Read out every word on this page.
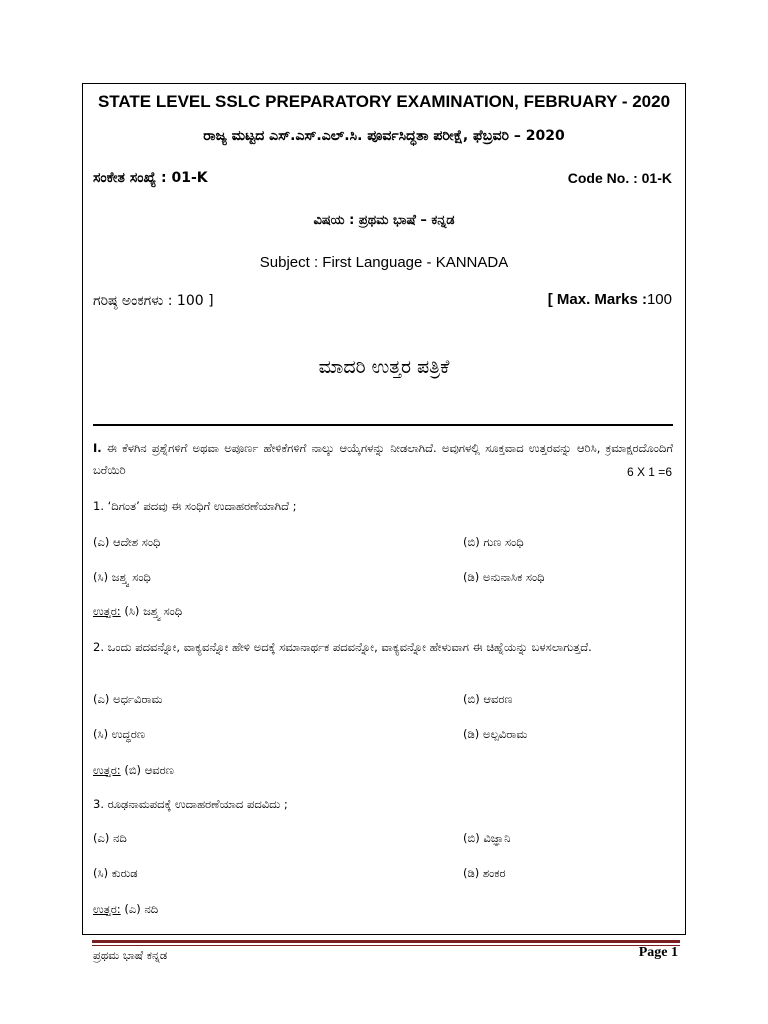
STATE LEVEL SSLC PREPARATORY EXAMINATION, FEBRUARY - 2020
ರಾಜ್ಯ ಮಟ್ಟದ ಎಸ್.ಎಸ್.ಎಲ್.ಸಿ. ಪೂರ್ವಸಿದ್ಧತಾ ಪರೀಕ್ಷೆ, ಫೆಬ್ರವರಿ – 2020
ಸಂಕೇತ ಸಂಖ್ಯೆ : 01-K	Code No. : 01-K
ವಿಷಯ : ಪ್ರಥಮ ಭಾಷೆ – ಕನ್ನಡ
Subject : First Language - KANNADA
ಗರಿಷ್ಠ ಅಂಕಗಳು : 100 ]	[ Max. Marks :100
ಮಾದರಿ ಉತ್ತರ ಪತ್ರಿಕೆ
I. ಈ ಕೆಳಗಿನ ಪ್ರಶ್ನೆಗಳಿಗೆ ಅಥವಾ ಅಪೂರ್ಣ ಹೇಳಿಕೆಗಳಿಗೆ ನಾಲ್ಕು ಆಯ್ಕೆಗಳನ್ನು ನೀಡಲಾಗಿದೆ. ಅವುಗಳಲ್ಲಿ ಸೂಕ್ತವಾದ ಉತ್ತರವನ್ನು ಆರಿಸಿ, ಕ್ರಮಾಕ್ಷರದೊಂದಿಗೆ ಬರೆಯಿರಿ	6 X 1 =6
1. ‘ದಿಗಂತ’ ಪದವು ಈ ಸಂಧಿಗೆ ಉದಾಹರಣೆಯಾಗಿದೆ ;
(ಎ) ಆದೇಶ ಸಂಧಿ	(ಬಿ) ಗುಣ ಸಂಧಿ
(ಸಿ) ಜಶ್ತ್ವ ಸಂಧಿ	(ಡಿ) ಅನುನಾಸಿಕ ಸಂಧಿ
ಉತ್ತರ: (ಸಿ) ಜಶ್ತ್ವ ಸಂಧಿ
2. ಒಂದು ಪದವನ್ನೋ, ವಾಕ್ಯವನ್ನೋ ಹೇಳಿ ಅದಕ್ಕೆ ಸಮಾನಾರ್ಥಕ ಪದವನ್ನೋ, ವಾಕ್ಯವನ್ನೋ ಹೇಳುವಾಗ ಈ ಚಿಹ್ನೆಯನ್ನು ಬಳಸಲಾಗುತ್ತದೆ.
(ಎ) ಅರ್ಧವಿರಾಮ	(ಬಿ) ಆವರಣ
(ಸಿ) ಉದ್ಧರಣ	(ಡಿ) ಅಲ್ಪವಿರಾಮ
ಉತ್ತರ: (ಬಿ) ಆವರಣ
3. ರೂಢನಾಮಪದಕ್ಕೆ ಉದಾಹರಣೆಯಾದ ಪದವಿದು ;
(ಎ) ನದಿ	(ಬಿ) ವಿಜ್ಞಾನಿ
(ಸಿ) ಕುರುಡ	(ಡಿ) ಶಂಕರ
ಉತ್ತರ: (ಎ) ನದಿ
ಪ್ರಥಮ ಭಾಷೆ ಕನ್ನಡ	Page 1
